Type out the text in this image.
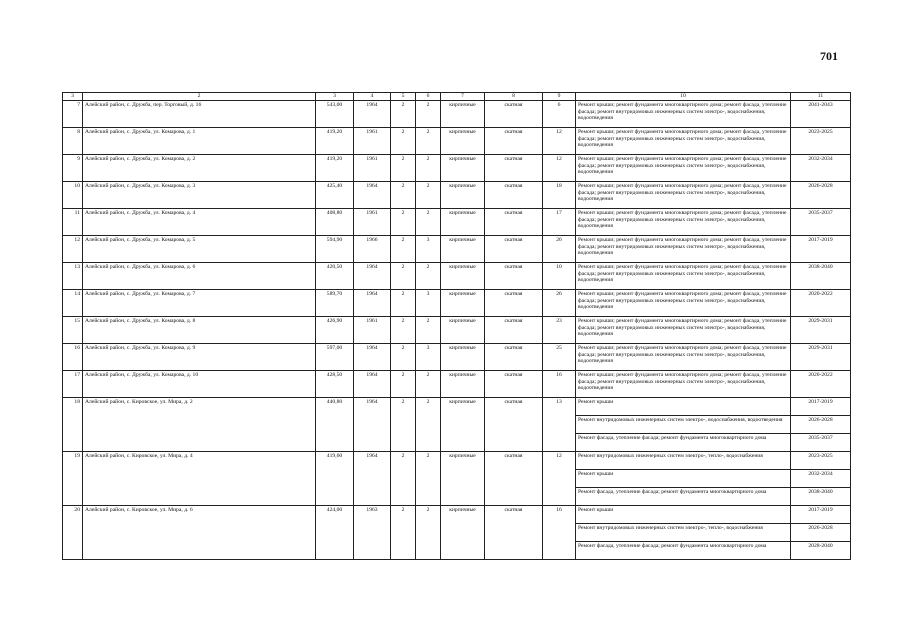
701
3	2	3	4	5	6	7	8	9	10	11
7	Алейский район, с. Дружба, пер. Торговый, д. 16	543,00	1964	2	2	кирпичные	скатная	6	Ремонт крыши; ремонт фундамента многоквартирного дома; ремонт фасада, утепление фасада; ремонт внутридомовых инженерных систем электро-, водоснабжения, водоотведения	2041-2043
8	Алейский район, с. Дружба, ул. Комарова, д. 1	419,20	1961	2	2	кирпичные	скатная	12	Ремонт крыши; ремонт фундамента многоквартирного дома; ремонт фасада, утепление фасада; ремонт внутридомовых инженерных систем электро-, водоснабжения, водоотведения	2023-2025
9	Алейский район, с. Дружба, ул. Комарова, д. 2	419,20	1961	2	2	кирпичные	скатная	12	Ремонт крыши; ремонт фундамента многоквартирного дома; ремонт фасада, утепление фасада; ремонт внутридомовых инженерных систем электро-, водоснабжения, водоотведения	2032-2034
10	Алейский район, с. Дружба, ул. Комарова, д. 3	425,40	1964	2	2	кирпичные	скатная	18	Ремонт крыши; ремонт фундамента многоквартирного дома; ремонт фасада, утепление фасада; ремонт внутридомовых инженерных систем электро-, водоснабжения, водоотведения	2026-2028
11	Алейский район, с. Дружба, ул. Комарова, д. 4	408,80	1961	2	2	кирпичные	скатная	17	Ремонт крыши; ремонт фундамента многоквартирного дома; ремонт фасада, утепление фасада; ремонт внутридомовых инженерных систем электро-, водоснабжения, водоотведения	2035-2037
12	Алейский район, с. Дружба, ул. Комарова, д. 5	594,90	1966	2	3	кирпичные	скатная	26	Ремонт крыши; ремонт фундамента многоквартирного дома; ремонт фасада, утепление фасада; ремонт внутридомовых инженерных систем электро-, водоснабжения, водоотведения	2017-2019
13	Алейский район, с. Дружба, ул. Комарова, д. 6	420,50	1964	2	2	кирпичные	скатная	10	Ремонт крыши; ремонт фундамента многоквартирного дома; ремонт фасада, утепление фасада; ремонт внутридомовых инженерных систем электро-, водоснабжения, водоотведения	2038-2040
14	Алейский район, с. Дружба, ул. Комарова, д. 7	589,70	1964	2	3	кирпичные	скатная	26	Ремонт крыши; ремонт фундамента многоквартирного дома; ремонт фасада, утепление фасада; ремонт внутридомовых инженерных систем электро-, водоснабжения, водоотведения	2020-2022
15	Алейский район, с. Дружба, ул. Комарова, д. 8	426,90	1961	2	2	кирпичные	скатная	23	Ремонт крыши; ремонт фундамента многоквартирного дома; ремонт фасада, утепление фасада; ремонт внутридомовых инженерных систем электро-, водоснабжения, водоотведения	2029-2031
16	Алейский район, с. Дружба, ул. Комарова, д. 9	597,00	1964	2	3	кирпичные	скатная	25	Ремонт крыши; ремонт фундамента многоквартирного дома; ремонт фасада, утепление фасада; ремонт внутридомовых инженерных систем электро-, водоснабжения, водоотведения	2029-2031
17	Алейский район, с. Дружба, ул. Комарова, д. 10	428,50	1964	2	2	кирпичные	скатная	16	Ремонт крыши; ремонт фундамента многоквартирного дома; ремонт фасада, утепление фасада; ремонт внутридомовых инженерных систем электро-, водоснабжения, водоотведения	2020-2022
18	Алейский район, с. Кировское, ул. Мира, д. 2	440,80	1964	2	2	кирпичные	скатная	13	Ремонт крыши	2017-2019
									Ремонт внутридомовых инженерных систем электро-, водоснабжения, водоотведения	2026-2028
									Ремонт фасада, утепление фасада; ремонт фундамента многоквартирного дома	2035-2037
19	Алейский район, с. Кировское, ул. Мира, д. 4	419,60	1964	2	2	кирпичные	скатная	12	Ремонт внутридомовых инженерных систем электро-, тепло-, водоснабжения	2023-2025
									Ремонт крыши	2032-2034
									Ремонт фасада, утепление фасада; ремонт фундамента многоквартирного дома	2038-2040
20	Алейский район, с. Кировское, ул. Мира, д. 6	424,00	1963	2	2	кирпичные	скатная	16	Ремонт крыши	2017-2019
									Ремонт внутридомовых инженерных систем электро-, тепло-, водоснабжения	2026-2028
									Ремонт фасада, утепление фасада; ремонт фундамента многоквартирного дома	2028-2040
